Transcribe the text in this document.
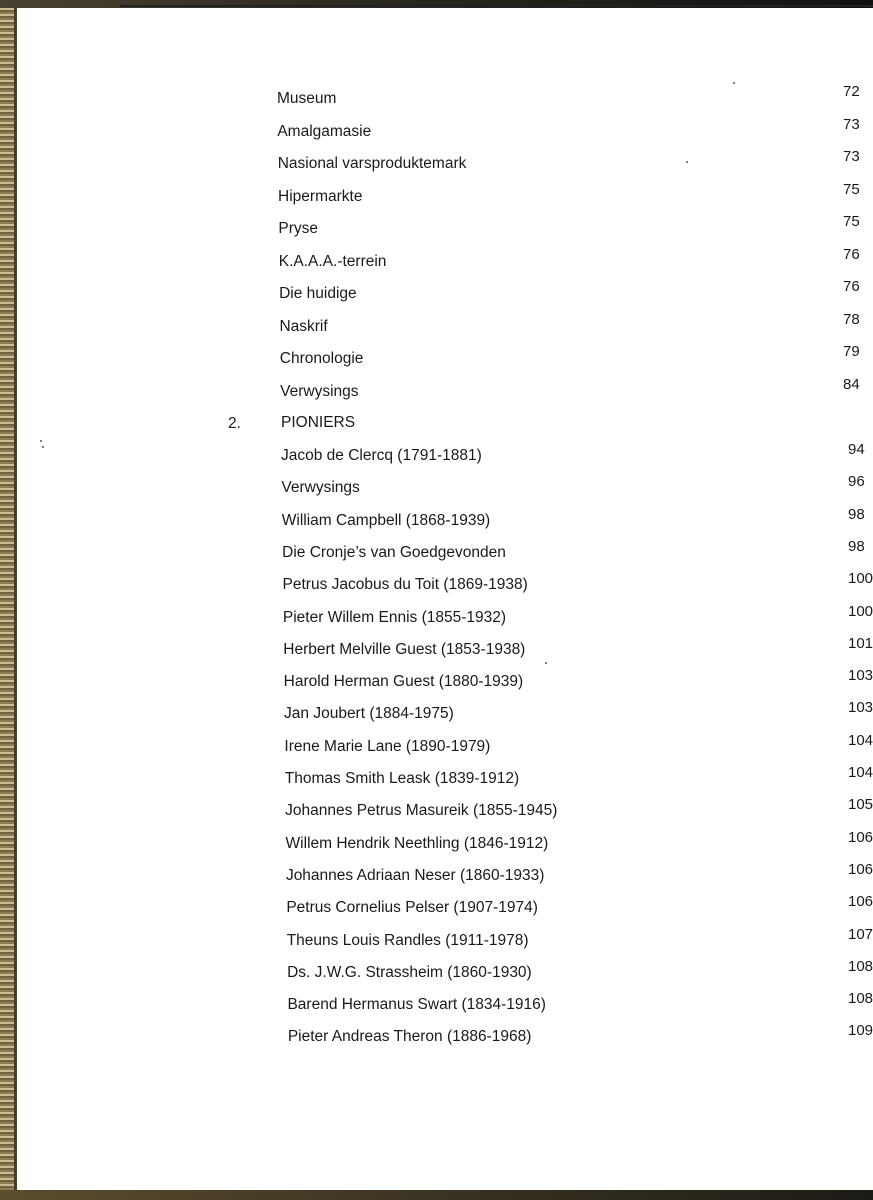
Museum	72
Amalgamasie	73
Nasional varsproduktemark	73
Hipermarkte	75
Pryse	75
K.A.A.A.-terrein	76
Die huidige	76
Naskrif	78
Chronologie	79
Verwysings	84
2.	PIONIERS
Jacob de Clercq (1791-1881)	94
Verwysings	96
William Campbell (1868-1939)	98
Die Cronje’s van Goedgevonden	98
Petrus Jacobus du Toit (1869-1938)	100
Pieter Willem Ennis (1855-1932)	100
Herbert Melville Guest (1853-1938)	101
Harold Herman Guest (1880-1939)	103
Jan Joubert (1884-1975)	103
Irene Marie Lane (1890-1979)	104
Thomas Smith Leask (1839-1912)	104
Johannes Petrus Masureik (1855-1945)	105
Willem Hendrik Neethling (1846-1912)	106
Johannes Adriaan Neser (1860-1933)	106
Petrus Cornelius Pelser (1907-1974)	106
Theuns Louis Randles (1911-1978)	107
Ds. J.W.G. Strassheim (1860-1930)	108
Barend Hermanus Swart (1834-1916)	108
Pieter Andreas Theron (1886-1968)	109
